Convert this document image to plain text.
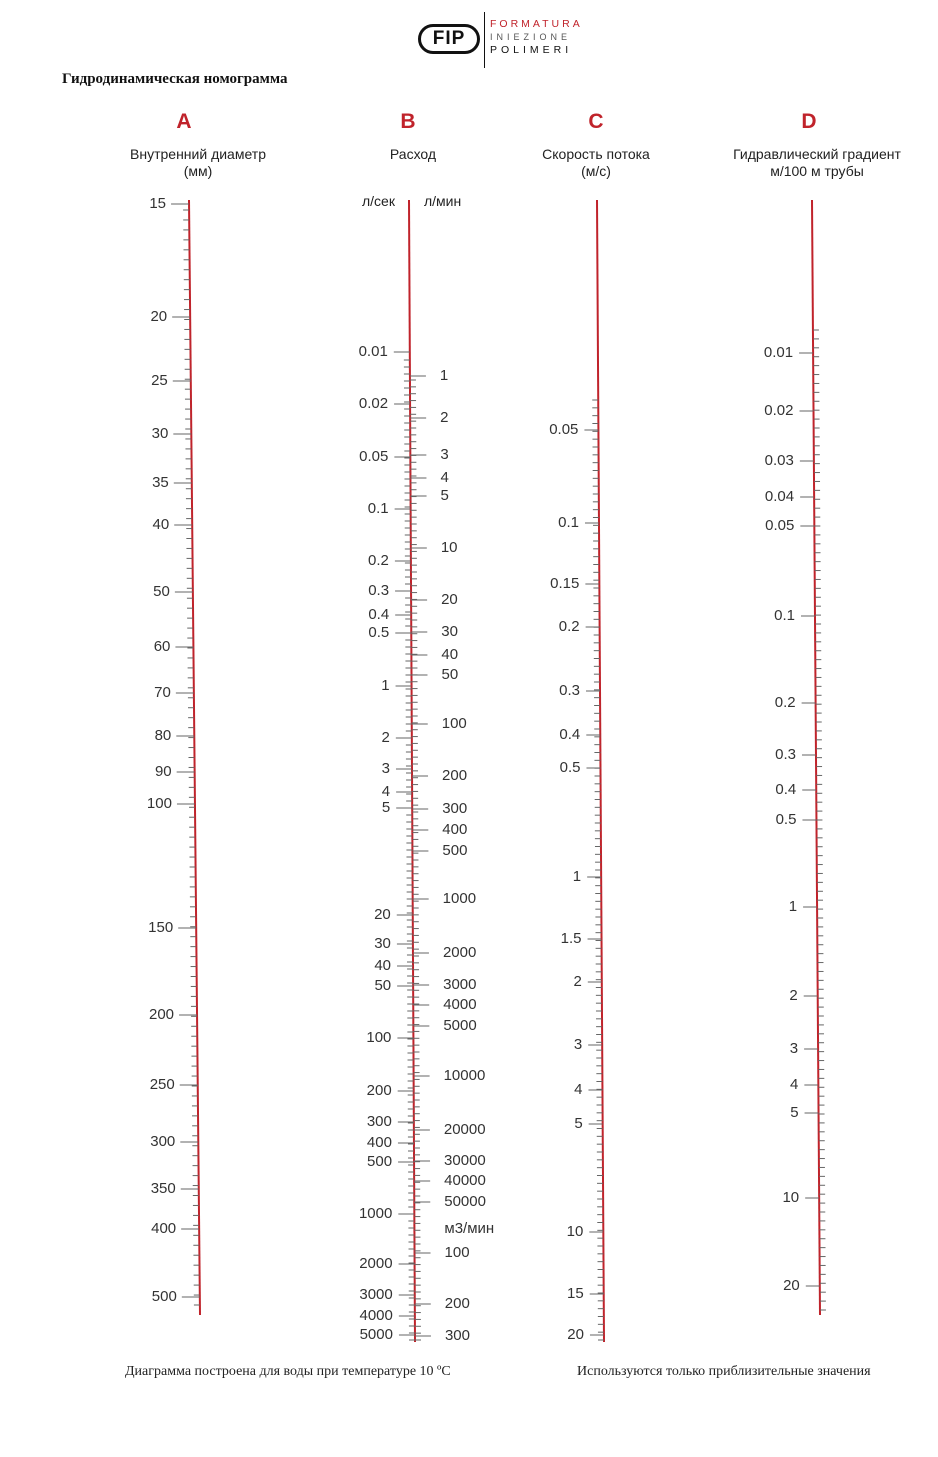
FIP
FORMATURA
INIEZIONE
POLIMERI
Гидродинамическая номограмма
A	B	C	D
Внутренний диаметр
(мм)
Расход	Скорость потока
(м/с)
Гидравлический градиент
м/100 м трубы
л/сек л/мин
15
20
25
30
35
40
50
60
70
80
90
100
150
200
250
300
350
400
500
0.01
0.02
0.05
0.1
0.2
0.3
0.4
0.5
1
2
3
4
5
20
30
40
50
100
200
300
400
500
1000
2000
3000
4000
5000
1
2
3
4
5
10
20
30
40
50
100
200
300
400
500
1000
2000
3000
4000
5000
10000
20000
30000
40000
50000
100
200
300
м3/мин
0.05
0.1
0.15
0.2
0.3
0.4
0.5
1
1.5
2
3
4
5
10
15
20
0.01
0.02
0.03
0.04
0.05
0.1
0.2
0.3
0.4
0.5
1
2
3
4
5
10
20
Диаграмма построена для воды при температуре 10 ºC	Используются только приблизительные значения
